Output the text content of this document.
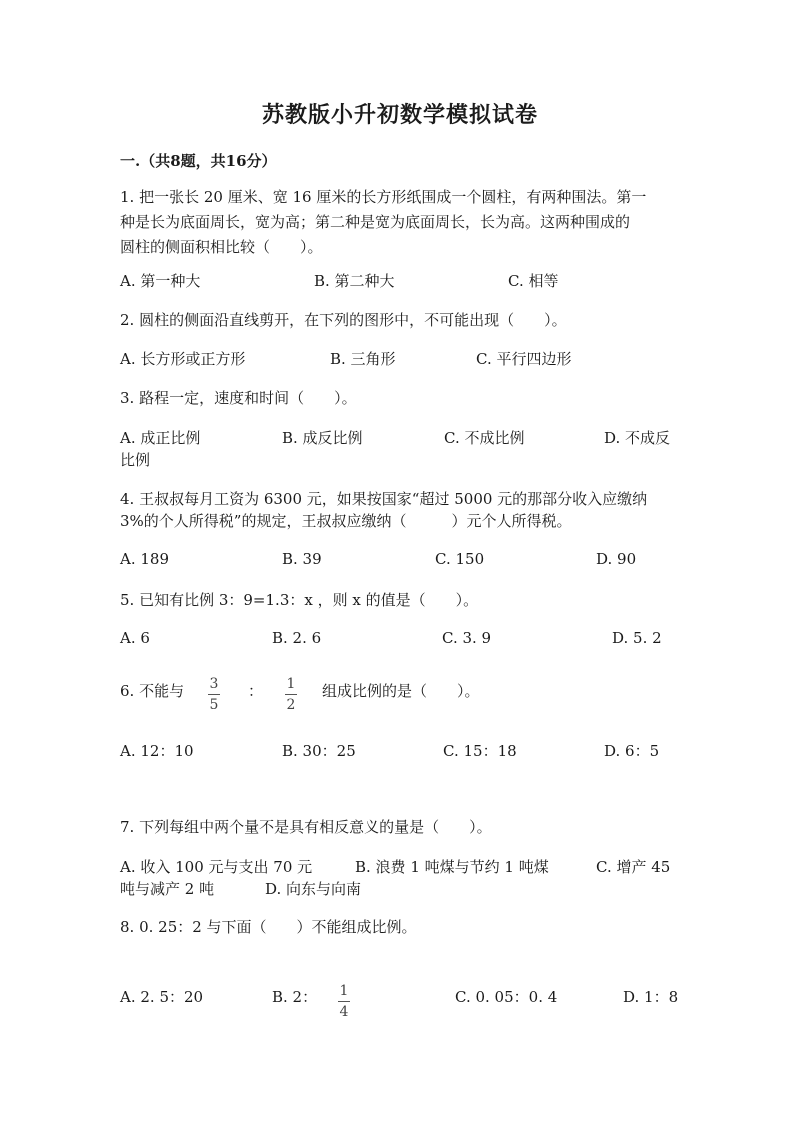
苏教版小升初数学模拟试卷
一.（共8题，共16分）
1. 把一张长 20 厘米、宽 16 厘米的长方形纸围成一个圆柱，有两种围法。第一
种是长为底面周长，宽为高；第二种是宽为底面周长，长为高。这两种围成的
圆柱的侧面积相比较（　　）。
A. 第一种大	B. 第二种大	C. 相等
2. 圆柱的侧面沿直线剪开，在下列的图形中，不可能出现（　　）。
A. 长方形或正方形	B. 三角形	C. 平行四边形
3. 路程一定，速度和时间（　　）。
A. 成正比例	B. 成反比例	C. 不成比例	D. 不成反
比例
4. 王叔叔每月工资为 6300 元，如果按国家“超过 5000 元的那部分收入应缴纳
3%的个人所得税”的规定，王叔叔应缴纳（　　　）元个人所得税。
A. 189	B. 39	C. 150	D. 90
5. 已知有比例 3：9=1.3：x ，则 x 的值是（　　）。
A. 6	B. 2. 6	C. 3. 9	D. 5. 2
6. 不能与 3
5
： 1
2
组成比例的是（　　）。
A. 12：10	B. 30：25	C. 15：18	D. 6：5
7. 下列每组中两个量不是具有相反意义的量是（　　）。
A. 收入 100 元与支出 70 元	B. 浪费 1 吨煤与节约 1 吨煤	C. 增产 45
吨与减产 2 吨	D. 向东与向南
8. 0. 25：2 与下面（　　）不能组成比例。
A. 2. 5：20	B. 2： 1
4
C. 0. 05：0. 4	D. 1：8
